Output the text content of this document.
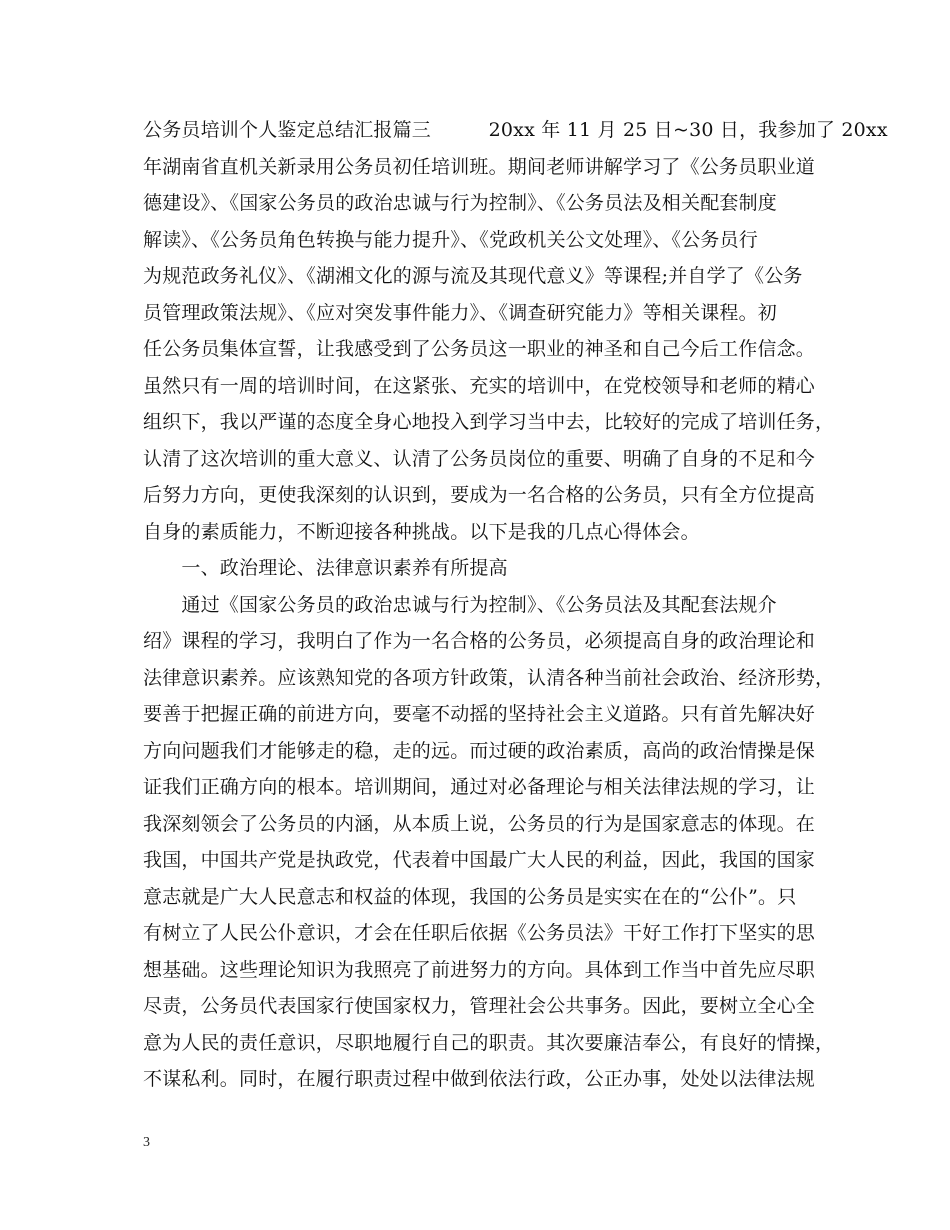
公务员培训个人鉴定总结汇报篇三　　　20xx 年 11 月 25 日~30 日，我参加了 20xx
年湖南省直机关新录用公务员初任培训班。期间老师讲解学习了《公务员职业道
德建设》、《国家公务员的政治忠诚与行为控制》、《公务员法及相关配套制度
解读》、《公务员角色转换与能力提升》、《党政机关公文处理》、《公务员行
为规范政务礼仪》、《湖湘文化的源与流及其现代意义》等课程;并自学了《公务
员管理政策法规》、《应对突发事件能力》、《调查研究能力》等相关课程。初
任公务员集体宣誓，让我感受到了公务员这一职业的神圣和自己今后工作信念。
虽然只有一周的培训时间，在这紧张、充实的培训中，在党校领导和老师的精心
组织下，我以严谨的态度全身心地投入到学习当中去，比较好的完成了培训任务，
认清了这次培训的重大意义、认清了公务员岗位的重要、明确了自身的不足和今
后努力方向，更使我深刻的认识到，要成为一名合格的公务员，只有全方位提高
自身的素质能力，不断迎接各种挑战。以下是我的几点心得体会。
　　一、政治理论、法律意识素养有所提高
　　通过《国家公务员的政治忠诚与行为控制》、《公务员法及其配套法规介
绍》课程的学习，我明白了作为一名合格的公务员，必须提高自身的政治理论和
法律意识素养。应该熟知党的各项方针政策，认清各种当前社会政治、经济形势，
要善于把握正确的前进方向，要毫不动摇的坚持社会主义道路。只有首先解决好
方向问题我们才能够走的稳，走的远。而过硬的政治素质，高尚的政治情操是保
证我们正确方向的根本。培训期间，通过对必备理论与相关法律法规的学习，让
我深刻领会了公务员的内涵，从本质上说，公务员的行为是国家意志的体现。在
我国，中国共产党是执政党，代表着中国最广大人民的利益，因此，我国的国家
意志就是广大人民意志和权益的体现，我国的公务员是实实在在的“公仆”。只
有树立了人民公仆意识，才会在任职后依据《公务员法》干好工作打下坚实的思
想基础。这些理论知识为我照亮了前进努力的方向。具体到工作当中首先应尽职
尽责，公务员代表国家行使国家权力，管理社会公共事务。因此，要树立全心全
意为人民的责任意识，尽职地履行自己的职责。其次要廉洁奉公，有良好的情操，
不谋私利。同时，在履行职责过程中做到依法行政，公正办事，处处以法律法规
3
